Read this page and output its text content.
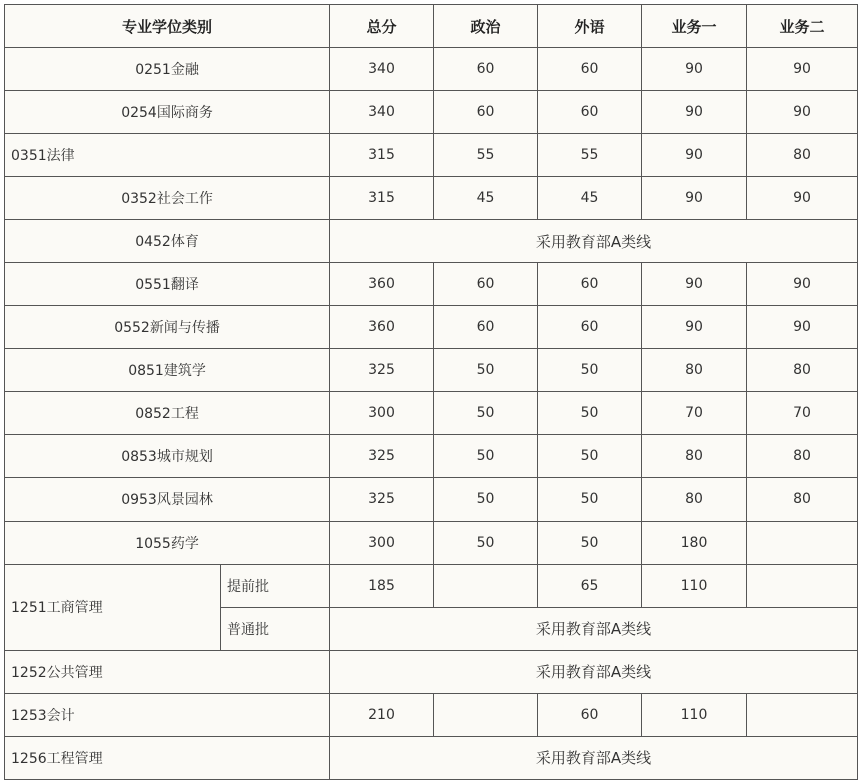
专业学位类别		总分	政治	外语	业务一	业务二
0251金融		340	60	60	90	90
0254国际商务		340	60	60	90	90
0351法律		315	55	55	90	80
0352社会工作		315	45	45	90	90
0452体育		采用教育部A类线				
0551翻译		360	60	60	90	90
0552新闻与传播		360	60	60	90	90
0851建筑学		325	50	50	80	80
0852工程		300	50	50	70	70
0853城市规划		325	50	50	80	80
0953风景园林		325	50	50	80	80
1055药学		300	50	50	180	
1251工商管理	提前批	185		65	110	
	普通批	采用教育部A类线				
1252公共管理		采用教育部A类线				
1253会计		210		60	110	
1256工程管理		采用教育部A类线				
